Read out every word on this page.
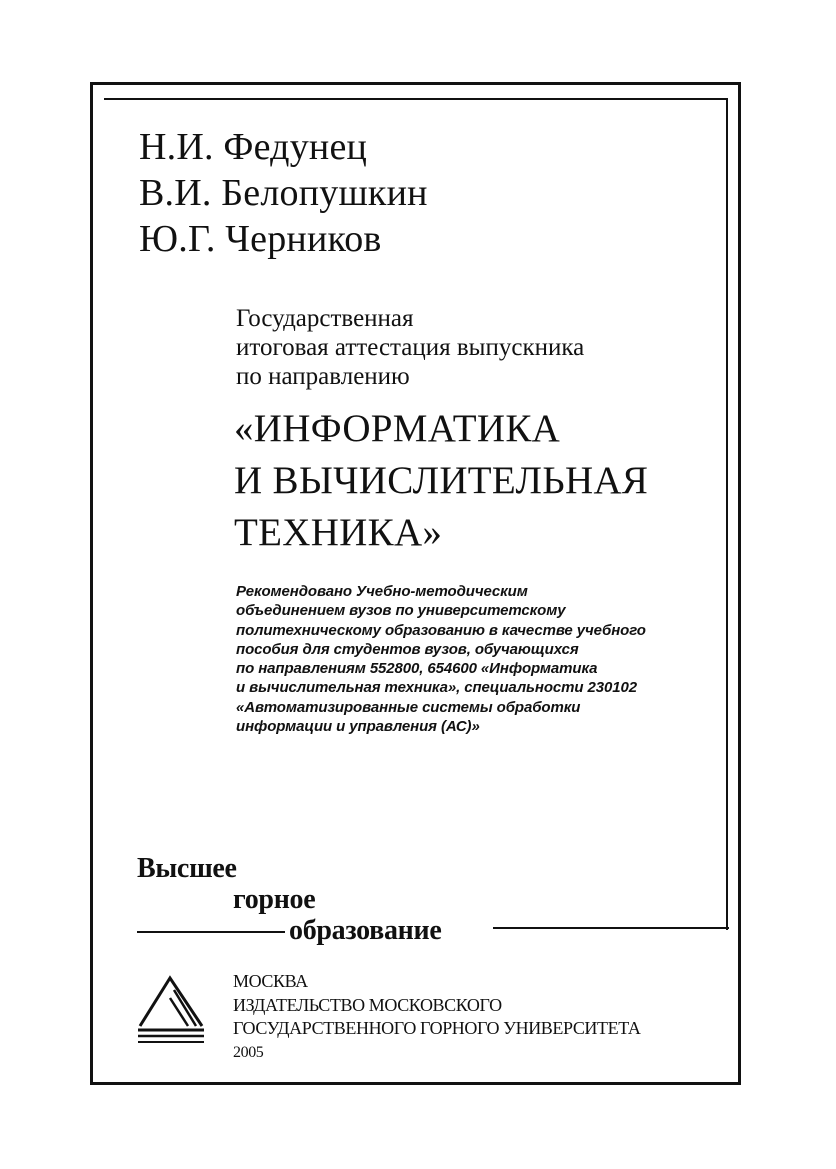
Н.И. Федунец
В.И. Белопушкин
Ю.Г. Черников
Государственная
итоговая аттестация выпускника
по направлению
«ИНФОРМАТИКА
И ВЫЧИСЛИТЕЛЬНАЯ
ТЕХНИКА»
Рекомендовано Учебно-методическим
объединением вузов по университетскому
политехническому образованию в качестве учебного
пособия для студентов вузов, обучающихся
по направлениям 552800, 654600 «Информатика
и вычислительная техника», специальности 230102
«Автоматизированные системы обработки
информации и управления (АС)»
Высшее
горное
образование
МОСКВА
ИЗДАТЕЛЬСТВО МОСКОВСКОГО
ГОСУДАРСТВЕННОГО ГОРНОГО УНИВЕРСИТЕТА
2005
